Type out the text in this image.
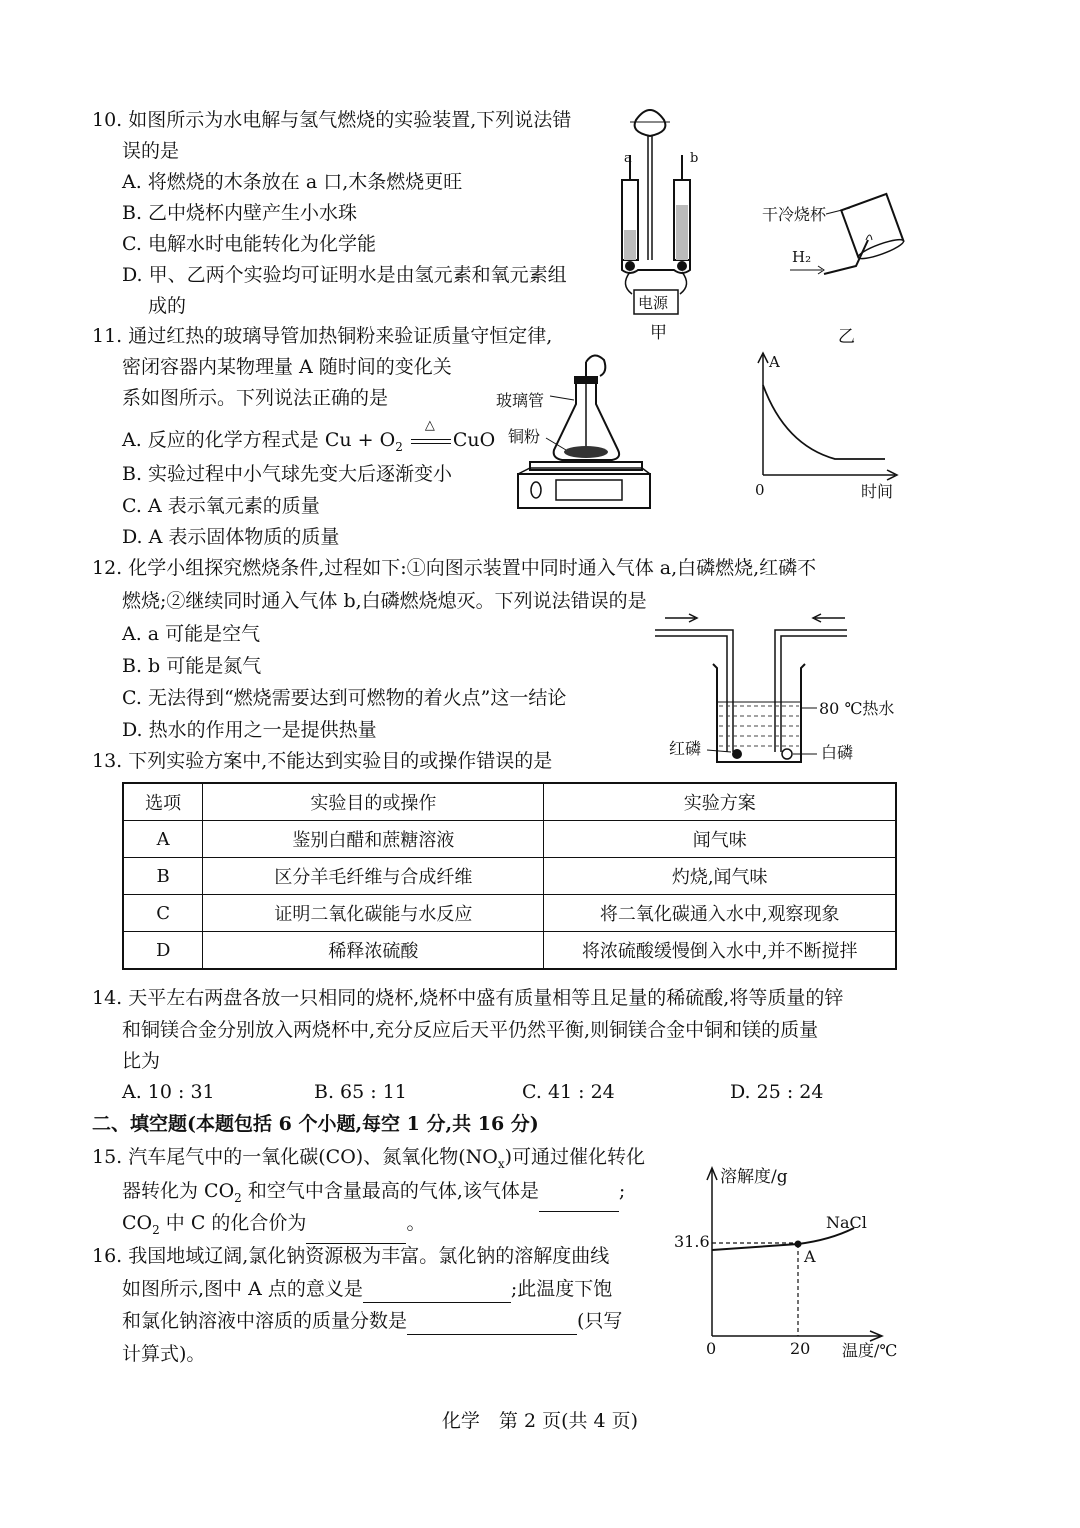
10. 如图所示为水电解与氢气燃烧的实验装置,下列说法错
误的是
A. 将燃烧的木条放在 a 口,木条燃烧更旺
B. 乙中烧杯内壁产生小水珠
C. 电解水时电能转化为化学能
D. 甲、乙两个实验均可证明水是由氢元素和氧元素组
成的
a	b
电源
甲
干冷烧杯
H₂
乙
11. 通过红热的玻璃导管加热铜粉来验证质量守恒定律,
密闭容器内某物理量 A 随时间的变化关
系如图所示。下列说法正确的是
A. 反应的化学方程式是 $Cu + O_2$
△
CuO
B. 实验过程中小气球先变大后逐渐变小
C. A 表示氧元素的质量
D. A 表示固体物质的质量
玻璃管
铜粉
A
0	时间
12. 化学小组探究燃烧条件,过程如下:①向图示装置中同时通入气体 a,白磷燃烧,红磷不
燃烧;②继续同时通入气体 b,白磷燃烧熄灭。下列说法错误的是
A. a 可能是空气
B. b 可能是氮气
C. 无法得到“燃烧需要达到可燃物的着火点”这一结论
D. 热水的作用之一是提供热量
80 ℃热水
红磷	白磷
13. 下列实验方案中,不能达到实验目的或操作错误的是
选项	实验目的或操作	实验方案
A	鉴别白醋和蔗糖溶液	闻气味
B	区分羊毛纤维与合成纤维	灼烧,闻气味
C	证明二氧化碳能与水反应	将二氧化碳通入水中,观察现象
D	稀释浓硫酸	将浓硫酸缓慢倒入水中,并不断搅拌
14. 天平左右两盘各放一只相同的烧杯,烧杯中盛有质量相等且足量的稀硫酸,将等质量的锌
和铜镁合金分别放入两烧杯中,充分反应后天平仍然平衡,则铜镁合金中铜和镁的质量
比为
A. 10 : 31	B. 65 : 11	C. 41 : 24	D. 25 : 24
二、填空题(本题包括 6 个小题,每空 1 分,共 16 分)
15. 汽车尾气中的一氧化碳(CO)、氮氧化物$(NO_x)$可通过催化转化
器转化为 $CO_2$ 和空气中含量最高的气体,该气体是	;
$CO_2$ 中 C 的化合价为	。
16. 我国地域辽阔,氯化钠资源极为丰富。氯化钠的溶解度曲线
如图所示,图中 A 点的意义是	;此温度下饱
和氯化钠溶液中溶质的质量分数是	(只写
计算式)。
溶解度/g
NaCl
31.6
A
0	20 温度/℃
化学　第 2 页(共 4 页)
